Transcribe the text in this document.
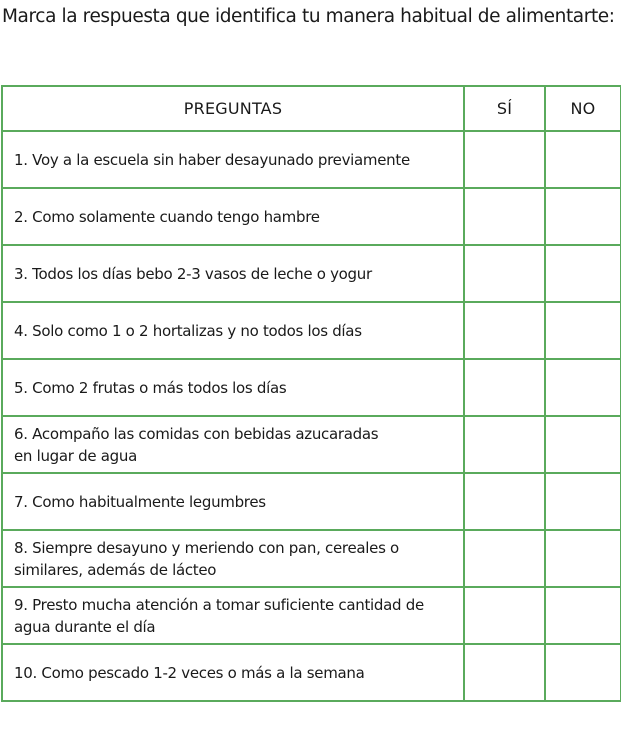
Marca la respuesta que identifica tu manera habitual de alimentarte:
PREGUNTAS	SÍ	NO
1. Voy a la escuela sin haber desayunado previamente		
2. Como solamente cuando tengo hambre		
3. Todos los días bebo 2-3 vasos de leche o yogur		
4. Solo como 1 o 2 hortalizas y no todos los días		
5. Como 2 frutas o más todos los días		
6. Acompaño las comidas con bebidas azucaradas
en lugar de agua		
7. Como habitualmente legumbres		
8. Siempre desayuno y meriendo con pan, cereales o
similares, además de lácteo		
9. Presto mucha atención a tomar suficiente cantidad de
agua durante el día		
10. Como pescado 1-2 veces o más a la semana		
